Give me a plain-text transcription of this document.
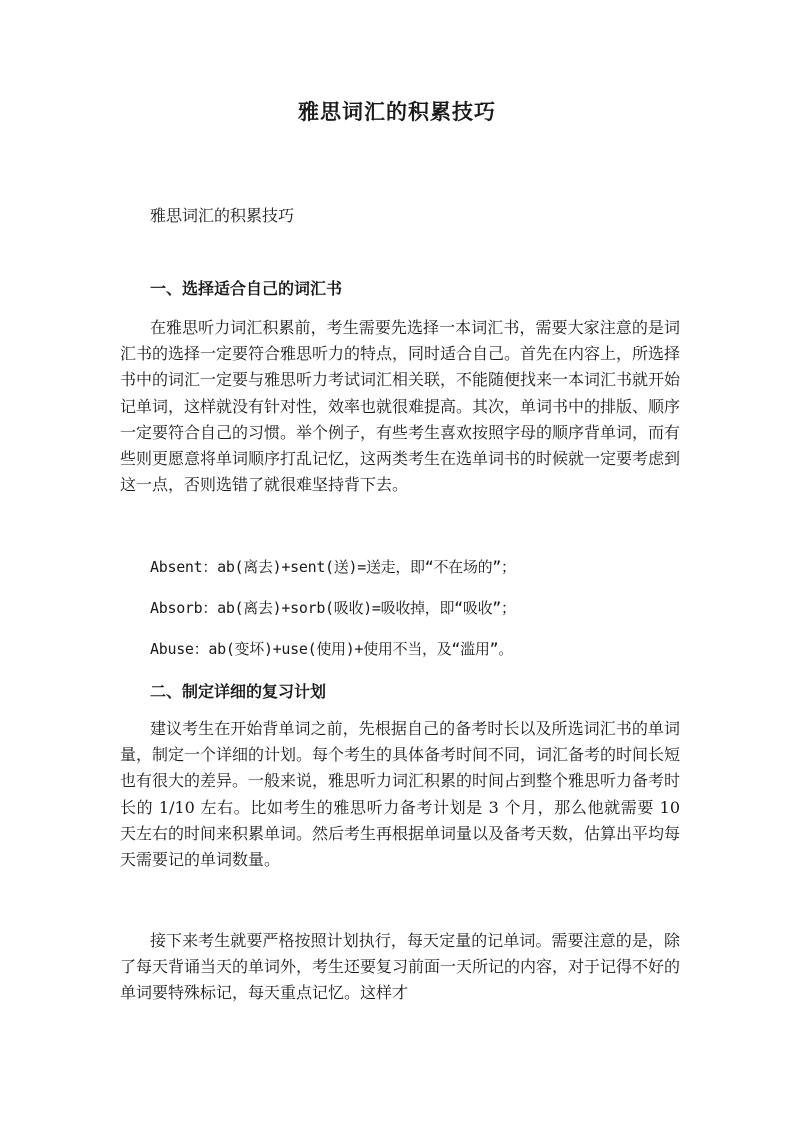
雅思词汇的积累技巧
雅思词汇的积累技巧
一、选择适合自己的词汇书
在雅思听力词汇积累前，考生需要先选择一本词汇书，需要大家注意的是词汇书的选择一定要符合雅思听力的特点，同时适合自己。首先在内容上，所选择书中的词汇一定要与雅思听力考试词汇相关联，不能随便找来一本词汇书就开始记单词，这样就没有针对性，效率也就很难提高。其次，单词书中的排版、顺序一定要符合自己的习惯。举个例子，有些考生喜欢按照字母的顺序背单词，而有些则更愿意将单词顺序打乱记忆，这两类考生在选单词书的时候就一定要考虑到这一点，否则选错了就很难坚持背下去。
Absent：ab(离去)+sent(送)=送走，即“不在场的”；
Absorb：ab(离去)+sorb(吸收)=吸收掉，即“吸收”；
Abuse：ab(变坏)+use(使用)+使用不当，及“滥用”。
二、制定详细的复习计划
建议考生在开始背单词之前，先根据自己的备考时长以及所选词汇书的单词量，制定一个详细的计划。每个考生的具体备考时间不同，词汇备考的时间长短也有很大的差异。一般来说，雅思听力词汇积累的时间占到整个雅思听力备考时长的 1/10 左右。比如考生的雅思听力备考计划是 3 个月，那么他就需要 10 天左右的时间来积累单词。然后考生再根据单词量以及备考天数，估算出平均每天需要记的单词数量。
接下来考生就要严格按照计划执行，每天定量的记单词。需要注意的是，除了每天背诵当天的单词外，考生还要复习前面一天所记的内容，对于记得不好的单词要特殊标记，每天重点记忆。这样才
